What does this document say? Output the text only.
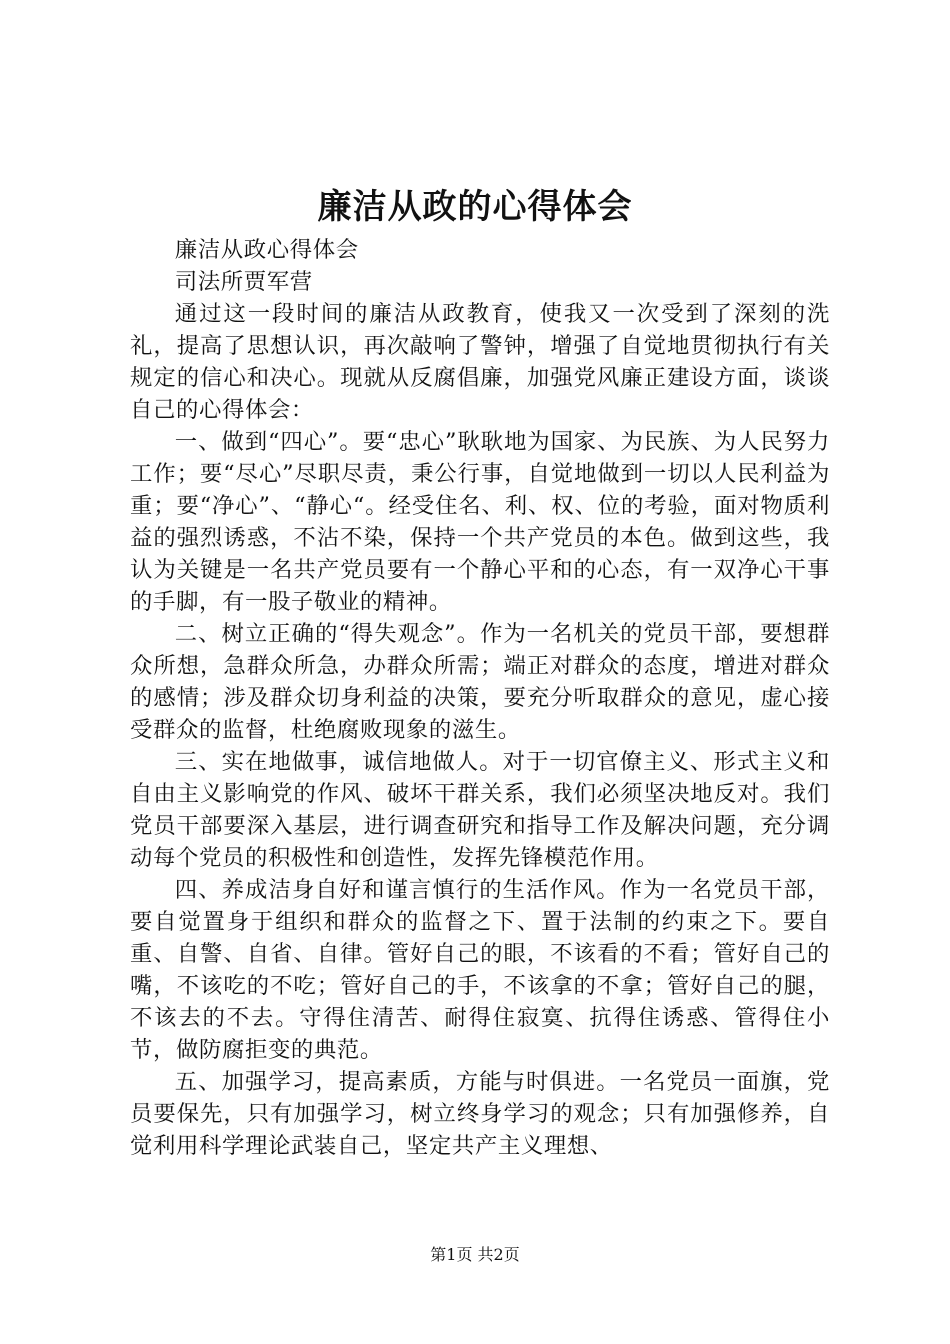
廉洁从政的心得体会

廉洁从政心得体会

司法所贾军营

通过这一段时间的廉洁从政教育，使我又一次受到了深刻的洗礼，提高了思想认识，再次敲响了警钟，增强了自觉地贯彻执行有关规定的信心和决心。现就从反腐倡廉，加强党风廉正建设方面，谈谈自己的心得体会：

一、做到“四心”。要“忠心”耿耿地为国家、为民族、为人民努力工作；要“尽心”尽职尽责，秉公行事，自觉地做到一切以人民利益为重；要“净心”、“静心“。经受住名、利、权、位的考验，面对物质利益的强烈诱惑，不沾不染，保持一个共产党员的本色。做到这些，我认为关键是一名共产党员要有一个静心平和的心态，有一双净心干事的手脚，有一股子敬业的精神。

二、树立正确的“得失观念”。作为一名机关的党员干部，要想群众所想，急群众所急，办群众所需；端正对群众的态度，增进对群众的感情；涉及群众切身利益的决策，要充分听取群众的意见，虚心接受群众的监督，杜绝腐败现象的滋生。

三、实在地做事，诚信地做人。对于一切官僚主义、形式主义和自由主义影响党的作风、破坏干群关系，我们必须坚决地反对。我们党员干部要深入基层，进行调查研究和指导工作及解决问题，充分调动每个党员的积极性和创造性，发挥先锋模范作用。

四、养成洁身自好和谨言慎行的生活作风。作为一名党员干部，要自觉置身于组织和群众的监督之下、置于法制的约束之下。要自重、自警、自省、自律。管好自己的眼，不该看的不看；管好自己的嘴，不该吃的不吃；管好自己的手，不该拿的不拿；管好自己的腿，不该去的不去。守得住清苦、耐得住寂寞、抗得住诱惑、管得住小节，做防腐拒变的典范。

五、加强学习，提高素质，方能与时俱进。一名党员一面旗，党员要保先，只有加强学习，树立终身学习的观念；只有加强修养，自觉利用科学理论武装自己，坚定共产主义理想、

第1页 共2页
